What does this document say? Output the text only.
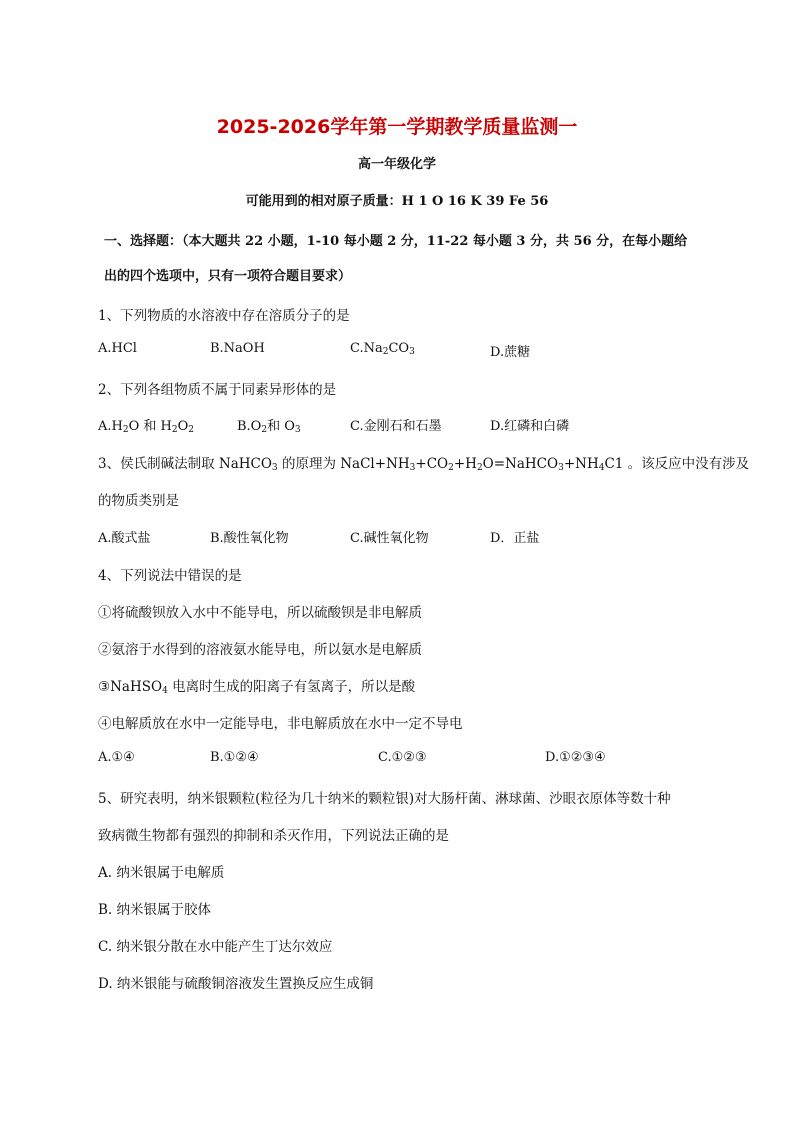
2025-2026学年第一学期教学质量监测一

高一年级化学

可能用到的相对原子质量：H 1 O 16 K 39 Fe 56

一、选择题：（本大题共 22 小题，1-10 每小题 2 分，11-22 每小题 3 分，共 56 分，在每小题给

出的四个选项中，只有一项符合题目要求）

1、下列物质的水溶液中存在溶质分子的是

A.HCl	B.NaOH	$C.Na_2CO_3$	D.蔗糖

2、下列各组物质不属于同素异形体的是

$A.H_2O$ 和 $H_2O_2$	$B.O_2$和 $O_3$	C.金刚石和石墨	D.红磷和白磷

3、侯氏制碱法制取 NaHCO$_3$ 的原理为 $NaCl+NH_3+CO_2+H_2O=NaHCO_3+NH_4C1$ 。该反应中没有涉及

的物质类别是

A.酸式盐	B.酸性氧化物	C.碱性氧化物	D．正盐

4、下列说法中错误的是

①将硫酸钡放入水中不能导电，所以硫酸钡是非电解质

②氨溶于水得到的溶液氨水能导电，所以氨水是电解质

③NaHSO$_4$ 电离时生成的阳离子有氢离子，所以是酸

④电解质放在水中一定能导电，非电解质放在水中一定不导电

A.①④	B.①②④	C.①②③	D.①②③④

5、研究表明，纳米银颗粒(粒径为几十纳米的颗粒银)对大肠杆菌、淋球菌、沙眼衣原体等数十种

致病微生物都有强烈的抑制和杀灭作用，下列说法正确的是

A. 纳米银属于电解质

B. 纳米银属于胶体

C. 纳米银分散在水中能产生丁达尔效应

D. 纳米银能与硫酸铜溶液发生置换反应生成铜
